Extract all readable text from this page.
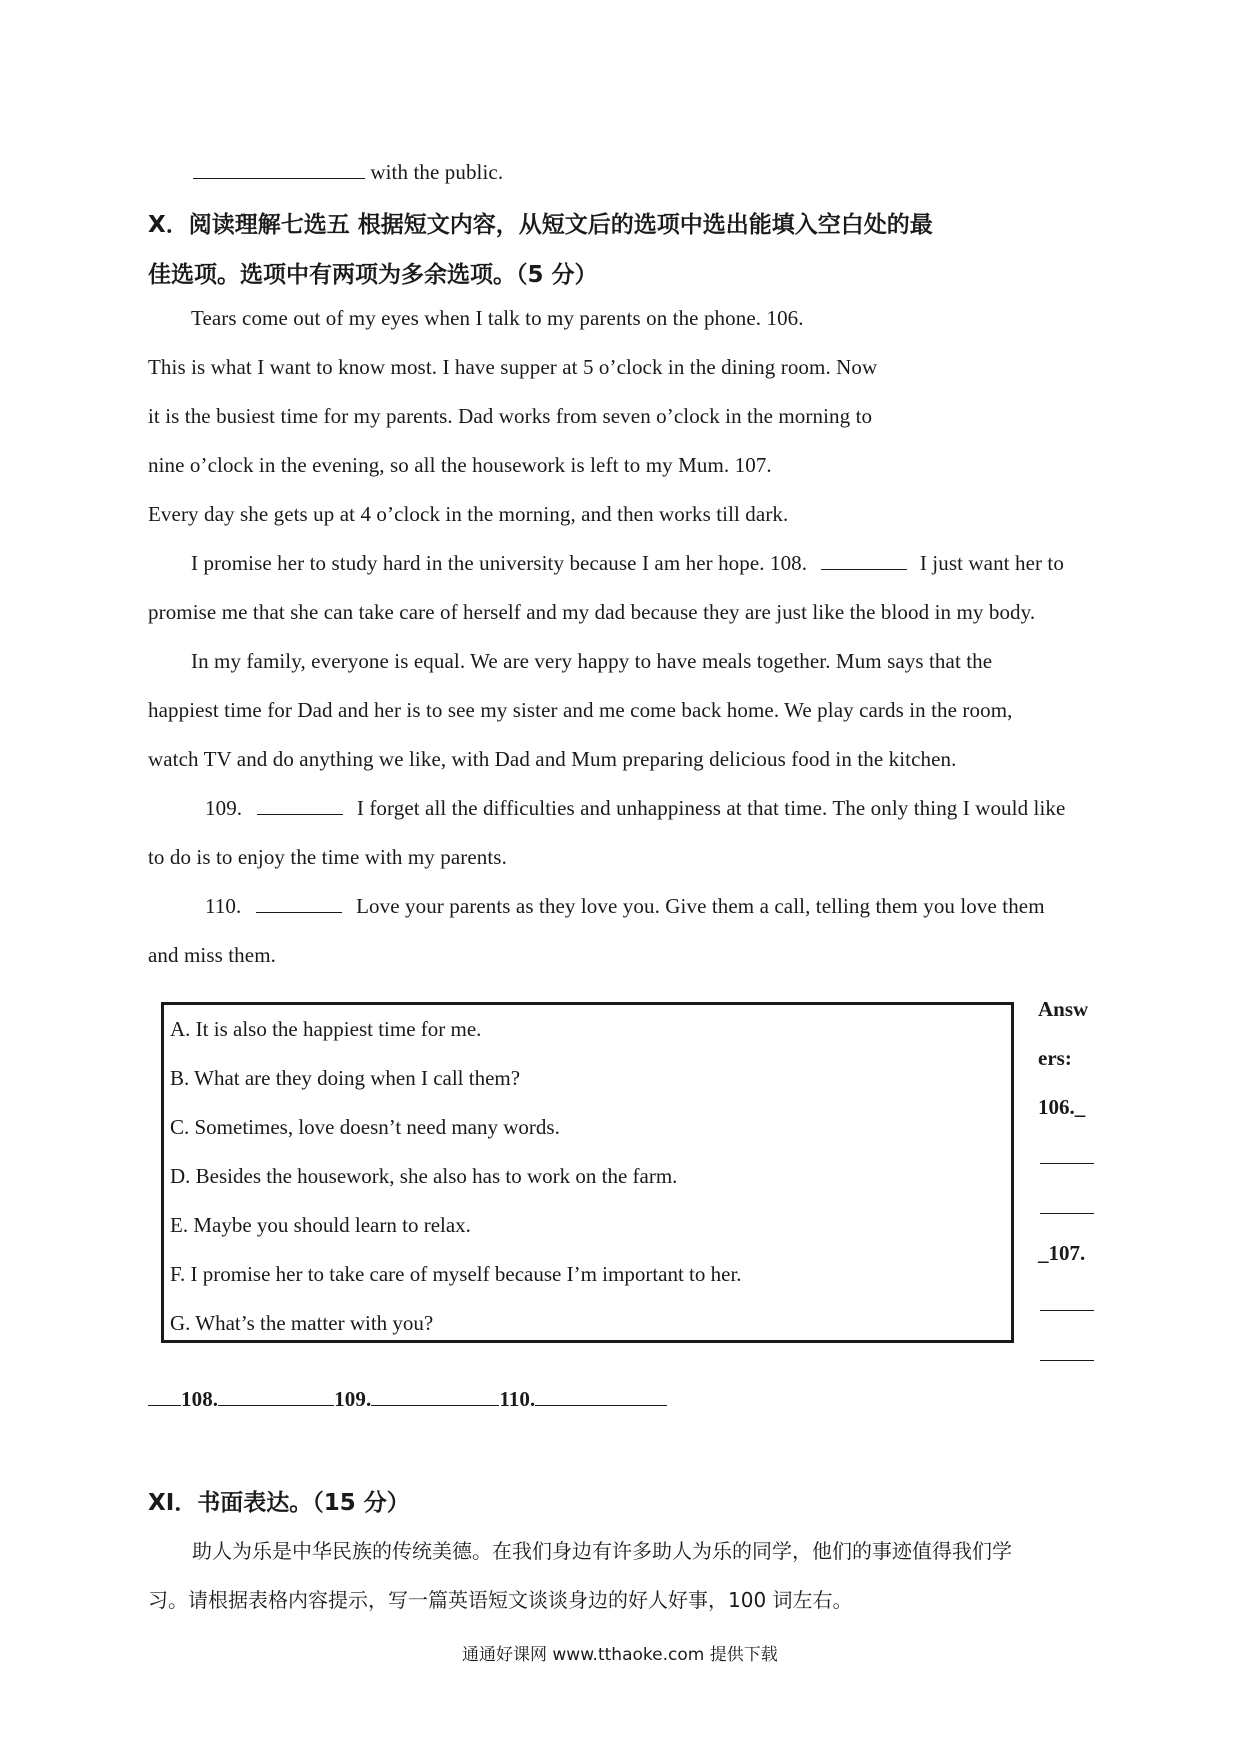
with the public.
X．阅读理解七选五 根据短文内容，从短文后的选项中选出能填入空白处的最
佳选项。选项中有两项为多余选项。（5 分）
Tears come out of my eyes when I talk to my parents on the phone. 106.
This is what I want to know most. I have supper at 5 o’clock in the dining room. Now
it is the busiest time for my parents. Dad works from seven o’clock in the morning to
nine o’clock in the evening, so all the housework is left to my Mum. 107.
Every day she gets up at 4 o’clock in the morning, and then works till dark.
I promise her to study hard in the university because I am her hope. 108.	I just want her to
promise me that she can take care of herself and my dad because they are just like the blood in my body.
In my family, everyone is equal. We are very happy to have meals together. Mum says that the
happiest time for Dad and her is to see my sister and me come back home. We play cards in the room,
watch TV and do anything we like, with Dad and Mum preparing delicious food in the kitchen.
109.	I forget all the difficulties and unhappiness at that time. The only thing I would like
to do is to enjoy the time with my parents.
110.	Love your parents as they love you. Give them a call, telling them you love them
and miss them.
A. It is also the happiest time for me.
B. What are they doing when I call them?
C. Sometimes, love doesn’t need many words.
D. Besides the housework, she also has to work on the farm.
E. Maybe you should learn to relax.
F. I promise her to take care of myself because I’m important to her.
G. What’s the matter with you?
Answ
ers:
106._
_107.
108.	109.	110.
XI．书面表达。（15 分）
助人为乐是中华民族的传统美德。在我们身边有许多助人为乐的同学，他们的事迹值得我们学
习。请根据表格内容提示，写一篇英语短文谈谈身边的好人好事，100 词左右。
通通好课网 www.tthaoke.com 提供下载
